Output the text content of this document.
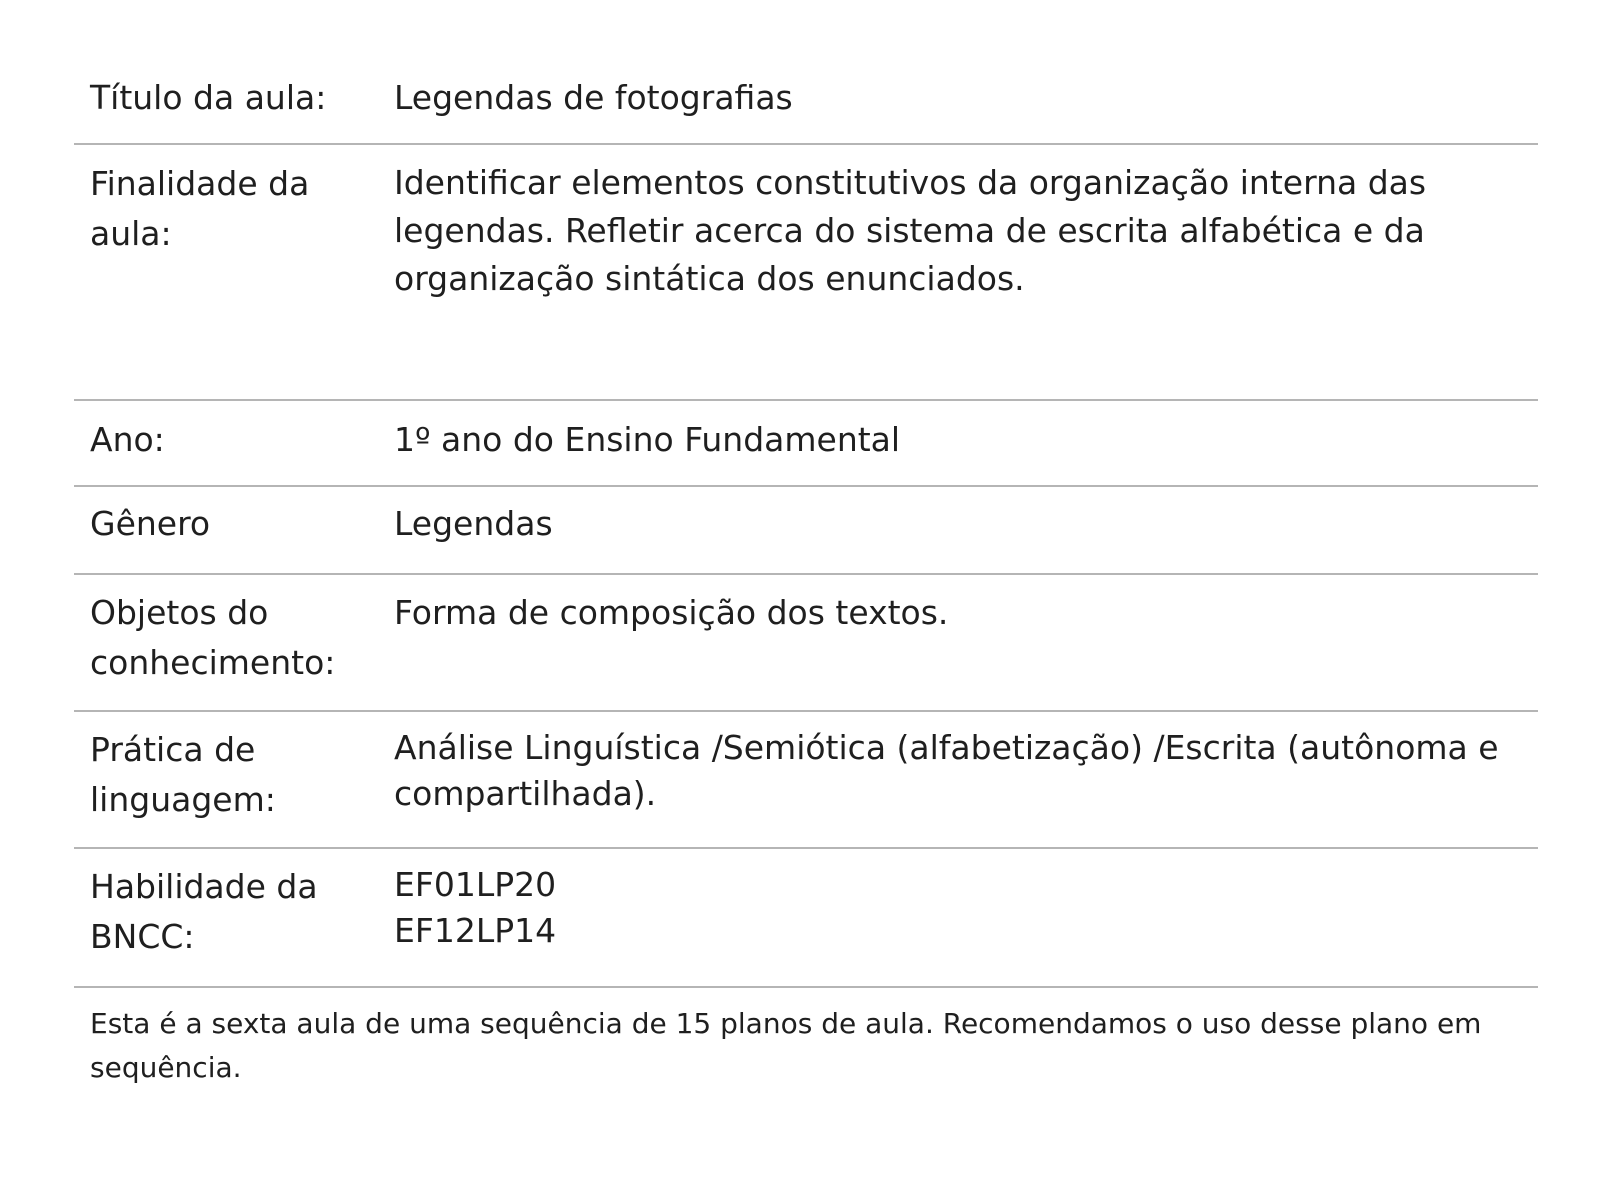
Título da aula:	Legendas de fotografias
Finalidade da
aula:	Identificar elementos constitutivos da organização interna das
legendas. Refletir acerca do sistema de escrita alfabética e da
organização sintática dos enunciados.
Ano:	1º ano do Ensino Fundamental
Gênero	Legendas
Objetos do
conhecimento:	Forma de composição dos textos.
Prática de
linguagem:	Análise Linguística /Semiótica (alfabetização) /Escrita (autônoma e
compartilhada).
Habilidade da
BNCC:	EF01LP20
EF12LP14
Esta é a sexta aula de uma sequência de 15 planos de aula. Recomendamos o uso desse plano em sequência.
